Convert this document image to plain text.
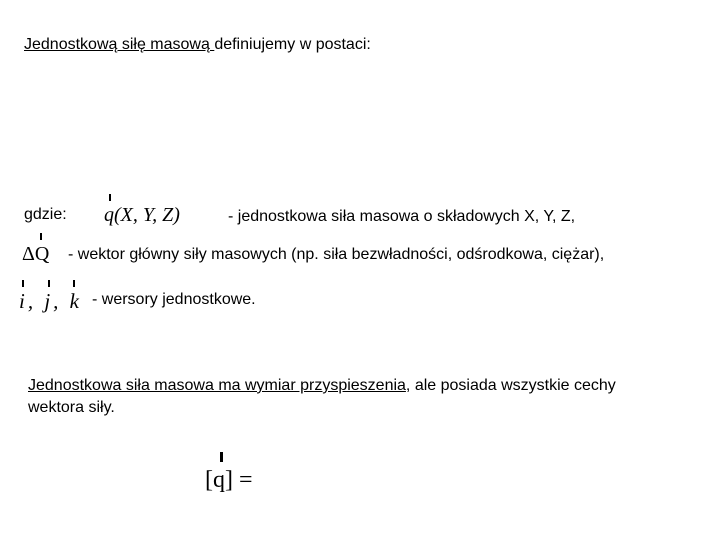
Jednostkową siłę masową definiujemy w postaci:
gdzie: q(X, Y, Z)	- jednostkowa siła masowa o składowych X, Y, Z,
ΔQ - wektor główny siły masowych (np. siła bezwładności, odśrodkowa, ciężar),
i, j, k - wersory jednostkowe.
Jednostkowa siła masowa ma wymiar przyspieszenia, ale posiada wszystkie cechy
wektora siły.
[q] =
